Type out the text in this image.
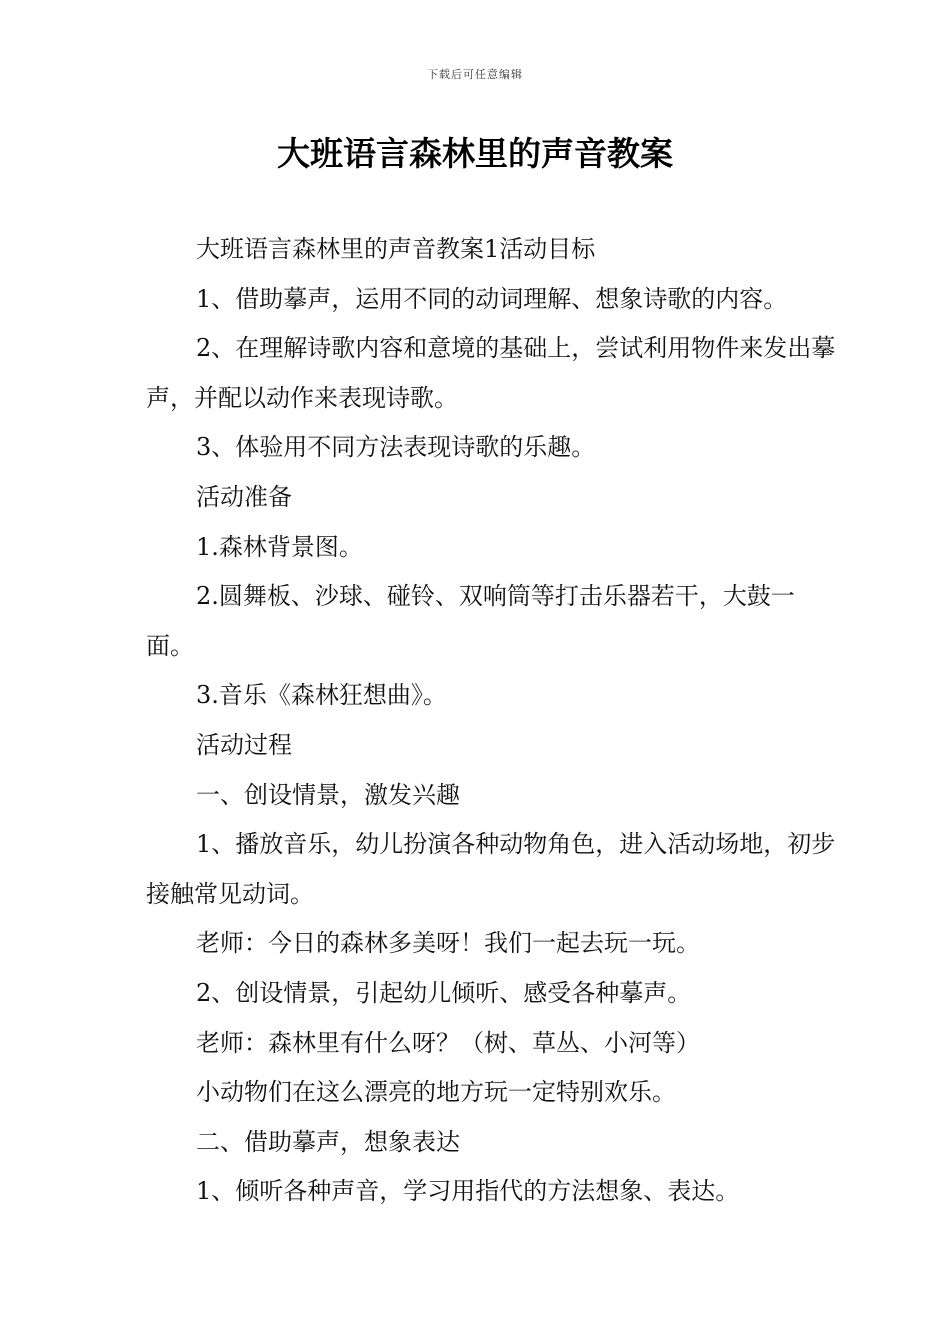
下载后可任意编辑
大班语言森林里的声音教案

大班语言森林里的声音教案1活动目标

1、借助摹声，运用不同的动词理解、想象诗歌的内容。

2、在理解诗歌内容和意境的基础上，尝试利用物件来发出摹声，并配以动作来表现诗歌。

3、体验用不同方法表现诗歌的乐趣。

活动准备

1.森林背景图。

2.圆舞板、沙球、碰铃、双响筒等打击乐器若干，大鼓一面。

3.音乐《森林狂想曲》。

活动过程

一、创设情景，激发兴趣

1、播放音乐，幼儿扮演各种动物角色，进入活动场地，初步接触常见动词。

老师：今日的森林多美呀！我们一起去玩一玩。

2、创设情景，引起幼儿倾听、感受各种摹声。

老师：森林里有什么呀？（树、草丛、小河等）

小动物们在这么漂亮的地方玩一定特别欢乐。

二、借助摹声，想象表达

1、倾听各种声音，学习用指代的方法想象、表达。
